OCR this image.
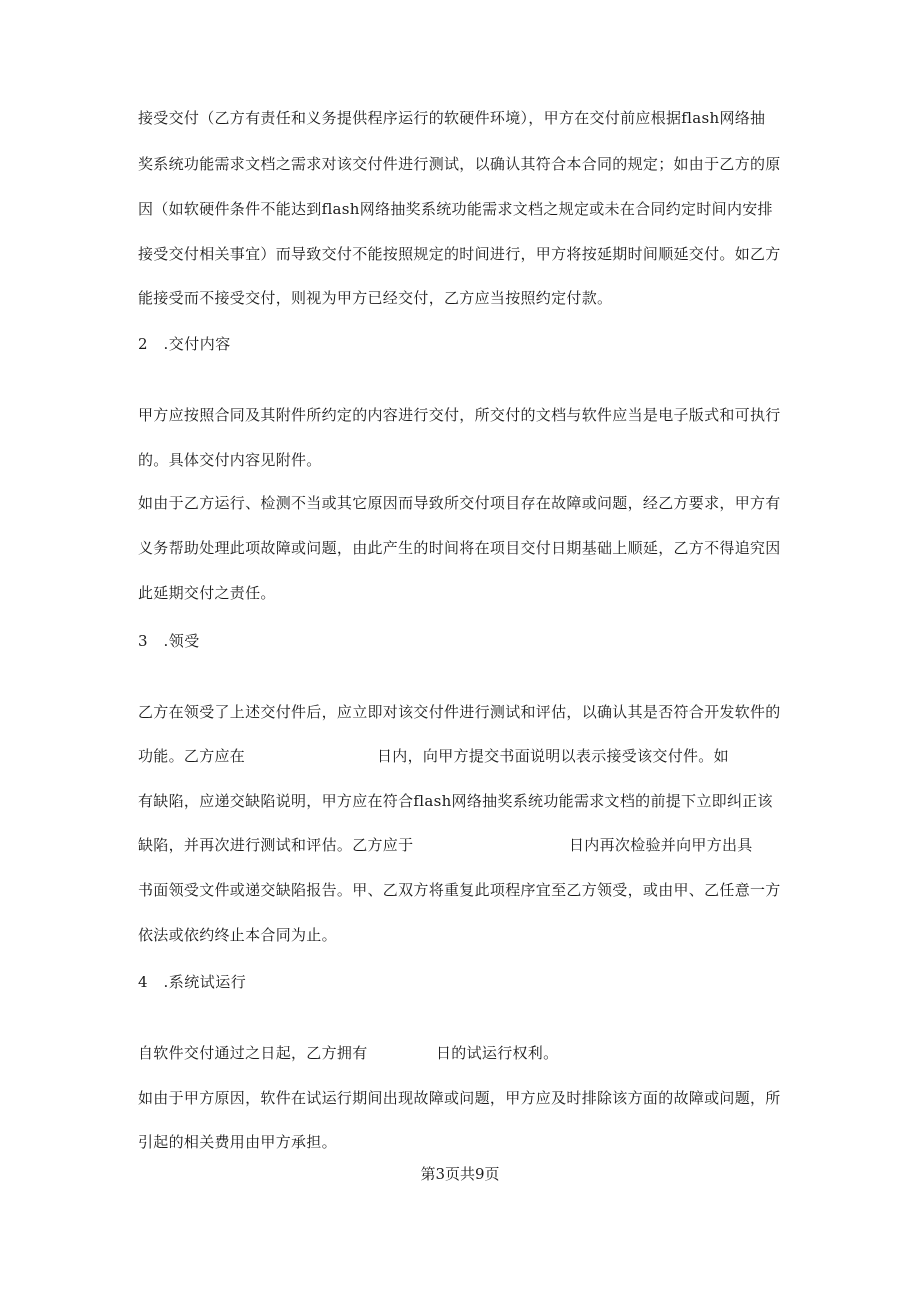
接受交付（乙方有责任和义务提供程序运行的软硬件环境），甲方在交付前应根据flash网络抽
奖系统功能需求文档之需求对该交付件进行测试，以确认其符合本合同的规定；如由于乙方的原
因（如软硬件条件不能达到flash网络抽奖系统功能需求文档之规定或未在合同约定时间内安排
接受交付相关事宜）而导致交付不能按照规定的时间进行，甲方将按延期时间顺延交付。如乙方
能接受而不接受交付，则视为甲方已经交付，乙方应当按照约定付款。
2　.交付内容
甲方应按照合同及其附件所约定的内容进行交付，所交付的文档与软件应当是电子版式和可执行
的。具体交付内容见附件。
如由于乙方运行、检测不当或其它原因而导致所交付项目存在故障或问题，经乙方要求，甲方有
义务帮助处理此项故障或问题，由此产生的时间将在项目交付日期基础上顺延，乙方不得追究因
此延期交付之责任。
3　.领受
乙方在领受了上述交付件后，应立即对该交付件进行测试和评估，以确认其是否符合开发软件的
功能。乙方应在	日内，向甲方提交书面说明以表示接受该交付件。如
有缺陷，应递交缺陷说明，甲方应在符合flash网络抽奖系统功能需求文档的前提下立即纠正该
缺陷，并再次进行测试和评估。乙方应于	日内再次检验并向甲方出具
书面领受文件或递交缺陷报告。甲、乙双方将重复此项程序宜至乙方领受，或由甲、乙任意一方
依法或依约终止本合同为止。
4　.系统试运行
自软件交付通过之日起，乙方拥有	日的试运行权利。
如由于甲方原因，软件在试运行期间出现故障或问题，甲方应及时排除该方面的故障或问题，所
引起的相关费用由甲方承担。
第3页共9页
